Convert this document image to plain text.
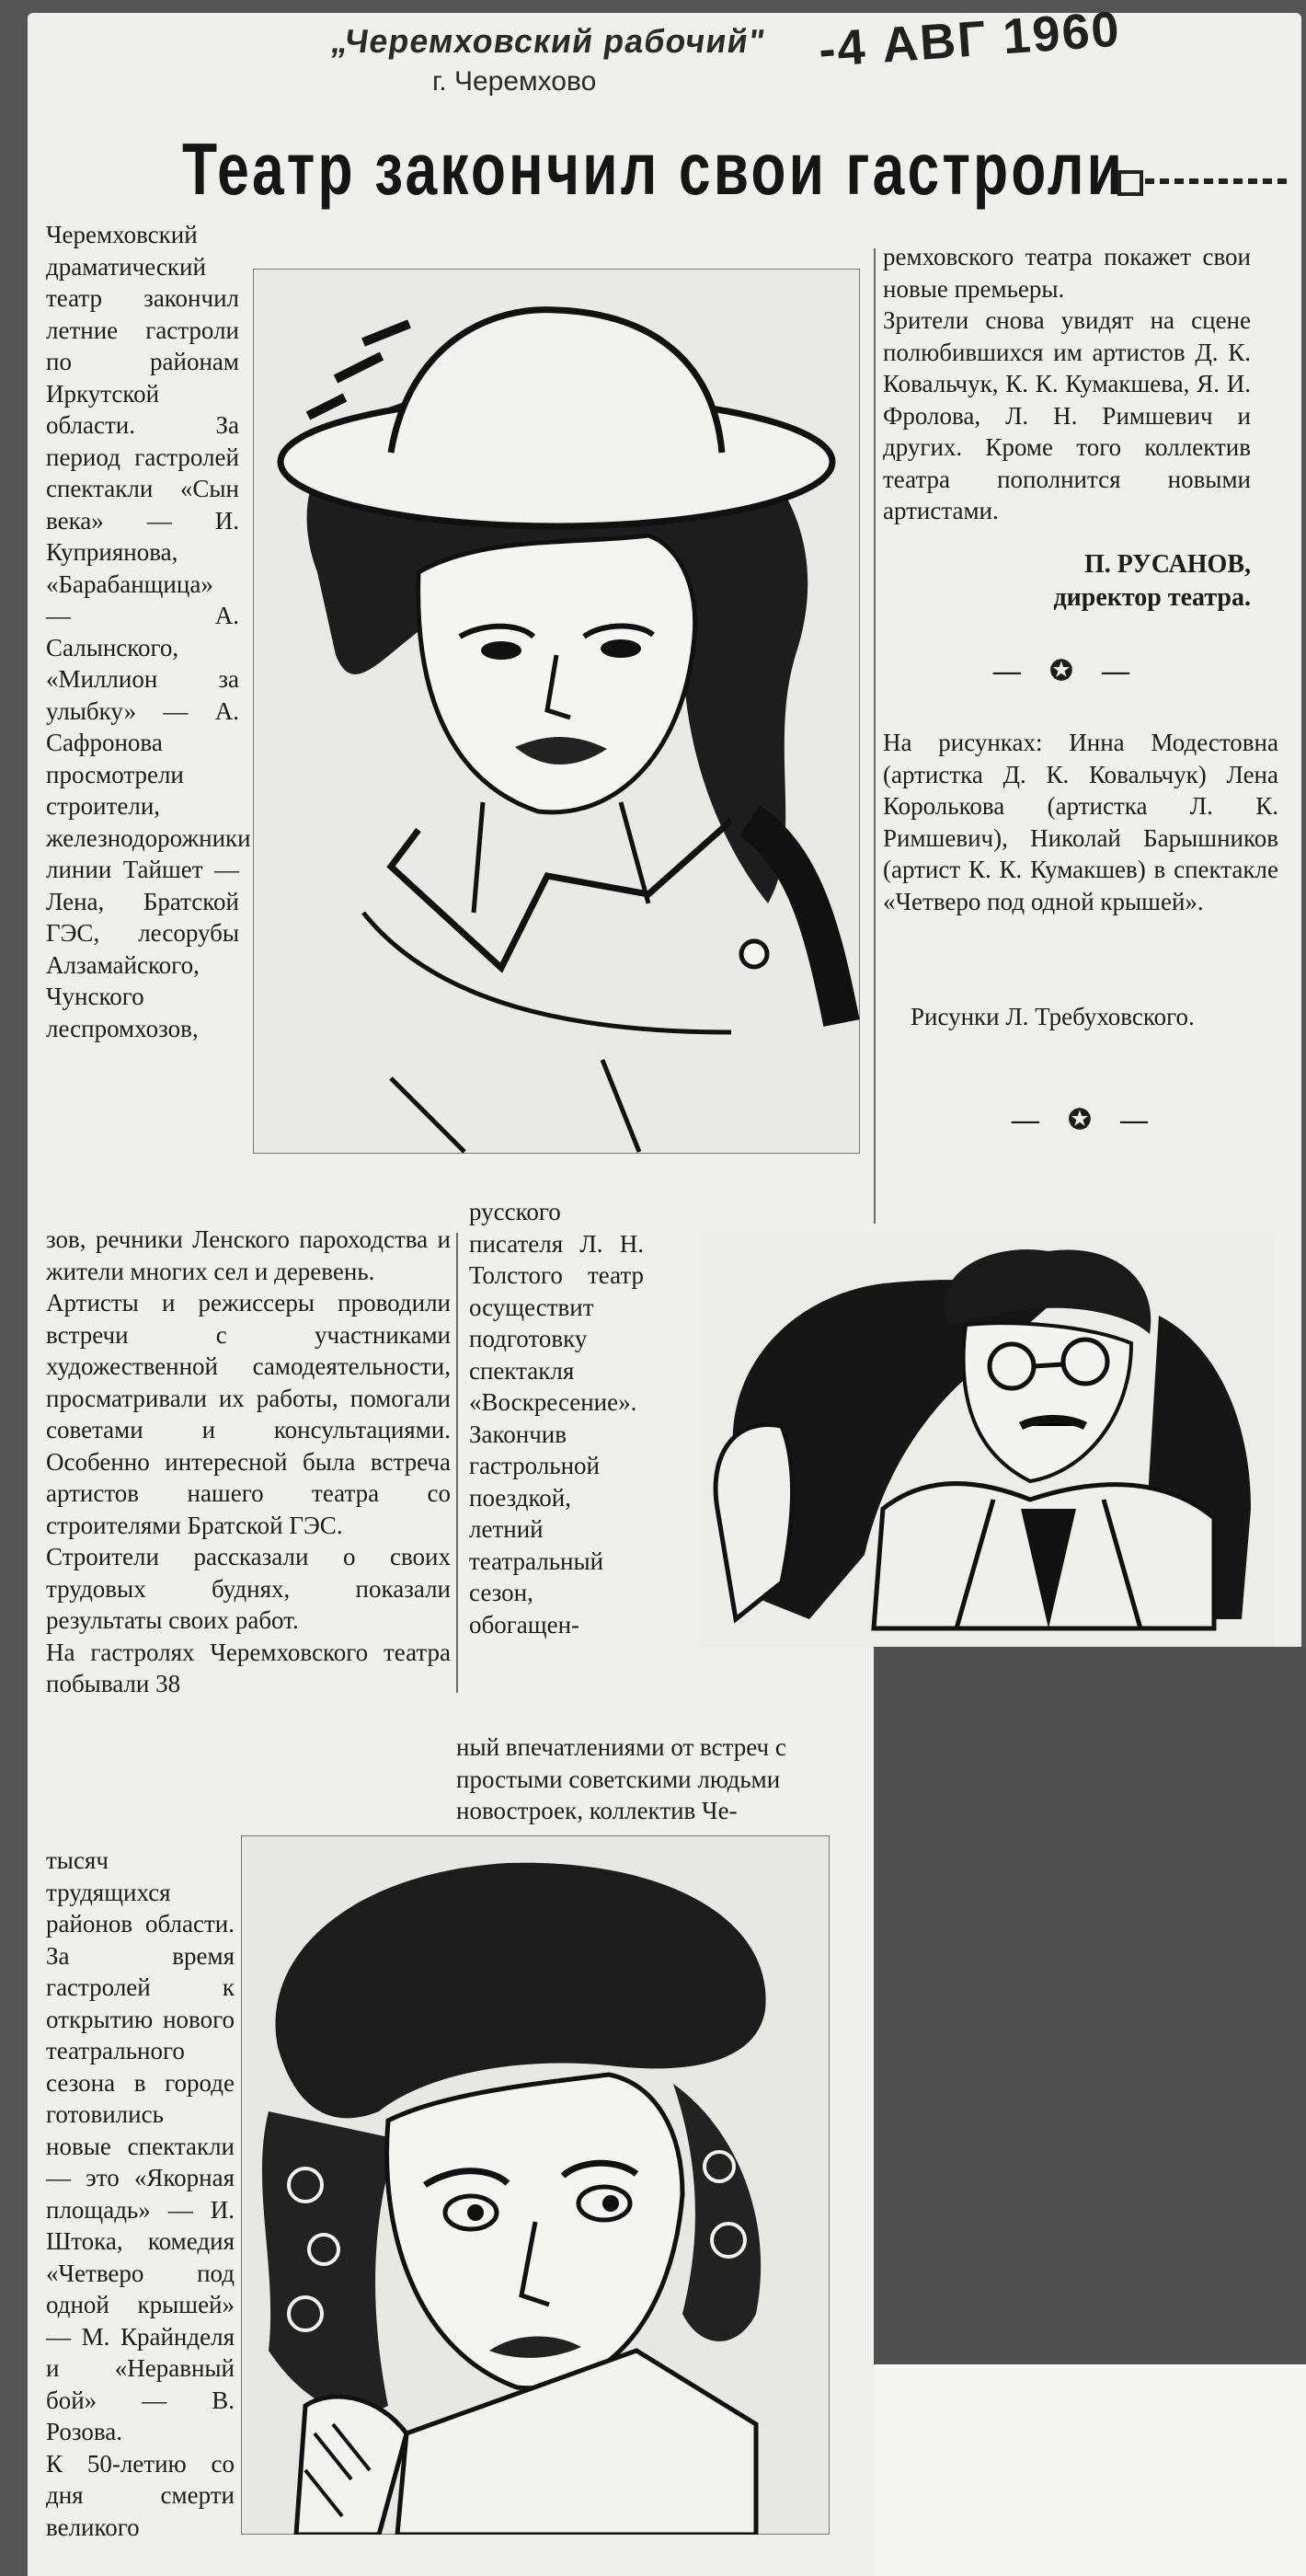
„Черемховский рабочий" -4 АВГ 1960
г. Черемхово
Театр закончил свои гастроли

Черемховский драматический театр закончил летние гастроли по районам Иркутской области. За период гастролей спектакли «Сын века» — И. Куприянова, «Барабанщица» — А. Салынского, «Миллион за улыбку» — А. Сафронова просмотрели строители, железнодорожники линии Тайшет — Лена, Братской ГЭС, лесорубы Алзамайского, Чунского леспромхозов,

зов, речники Ленского пароходства и жители многих сел и деревень.

Артисты и режиссеры проводили встречи с участниками художественной самодеятельности, просматривали их работы, помогали советами и консультациями. Особенно интересной была встреча артистов нашего театра со строителями Братской ГЭС.

Строители рассказали о своих трудовых буднях, показали результаты своих работ.

На гастролях Черемховского театра побывали 38

тысяч трудящихся районов области. За время гастролей к открытию нового театрального сезона в городе готовились новые спектакли — это «Якорная площадь» — И. Штока, комедия «Четверо под одной крышей» — М. Крайнделя и «Неравный бой» — В. Розова.

К 50-летию со дня смерти великого

русского писателя Л. Н. Толстого театр осуществит подготовку спектакля «Воскресение».

Закончив гастрольной поездкой, летний театральный сезон, обогащен-

ный впечатлениями от встреч с простыми советскими людьми новостроек, коллектив Че-

ремховского театра покажет свои новые премьеры.

Зрители снова увидят на сцене полюбившихся им артистов Д. К. Ковальчук, К. К. Кумакшева, Я. И. Фролова, Л. Н. Римшевич и других. Кроме того коллектив театра пополнится новыми артистами.

П. РУСАНОВ,
директор театра.
— ✪ —

На рисунках: Инна Модестовна (артистка Д. К. Ковальчук) Лена Королькова (артистка Л. К. Римшевич), Николай Барышников (артист К. К. Кумакшев) в спектакле «Четверо под одной крышей».

Рисунки Л. Требуховского.
— ✪ —
